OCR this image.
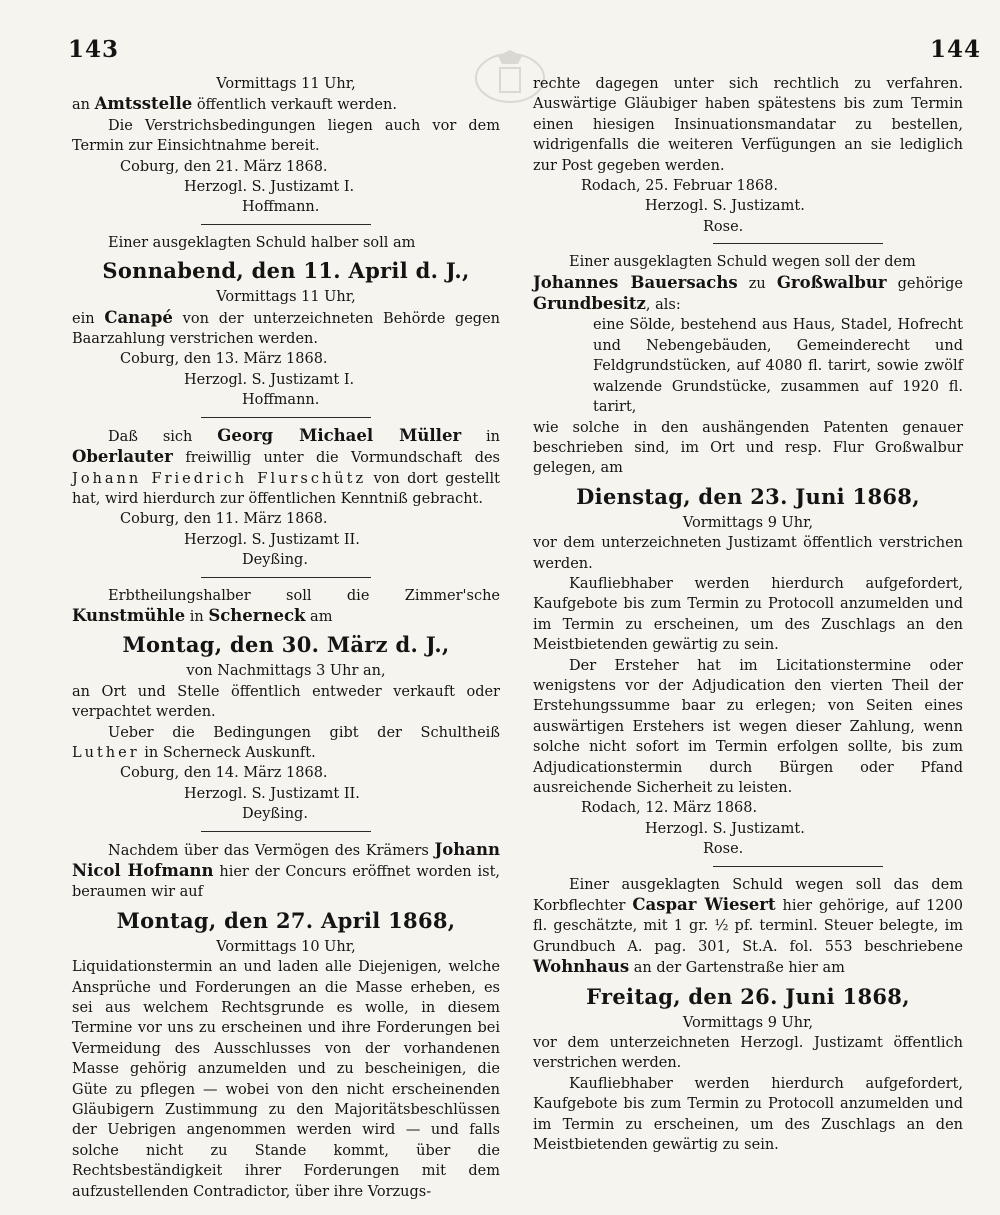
143	144

Vormittags 11 Uhr,

an Amtsstelle öffentlich verkauft werden.

Die Verstrichsbedingungen liegen auch vor dem Termin zur Einsichtnahme bereit.

Coburg, den 21. März 1868.

Herzogl. S. Justizamt I.

Hoffmann.

Einer ausgeklagten Schuld halber soll am

Sonnabend, den 11. April d. J.,

Vormittags 11 Uhr,

ein Canapé von der unterzeichneten Behörde gegen Baarzahlung verstrichen werden.

Coburg, den 13. März 1868.

Herzogl. S. Justizamt I.

Hoffmann.

Daß sich Georg Michael Müller in Oberlauter freiwillig unter die Vormundschaft des Johann Friedrich Flurschütz von dort gestellt hat, wird hierdurch zur öffentlichen Kenntniß gebracht.

Coburg, den 11. März 1868.

Herzogl. S. Justizamt II.

Deyßing.

Erbtheilungshalber soll die Zimmer'sche Kunstmühle in Scherneck am

Montag, den 30. März d. J.,

von Nachmittags 3 Uhr an,

an Ort und Stelle öffentlich entweder verkauft oder verpachtet werden.

Ueber die Bedingungen gibt der Schultheiß Luther in Scherneck Auskunft.

Coburg, den 14. März 1868.

Herzogl. S. Justizamt II.

Deyßing.

Nachdem über das Vermögen des Krämers Johann Nicol Hofmann hier der Concurs eröffnet worden ist, beraumen wir auf

Montag, den 27. April 1868,

Vormittags 10 Uhr,

Liquidationstermin an und laden alle Diejenigen, welche Ansprüche und Forderungen an die Masse erheben, es sei aus welchem Rechtsgrunde es wolle, in diesem Termine vor uns zu erscheinen und ihre Forderungen bei Vermeidung des Ausschlusses von der vorhandenen Masse gehörig anzumelden und zu bescheinigen, die Güte zu pflegen — wobei von den nicht erscheinenden Gläubigern Zustimmung zu den Majoritätsbeschlüssen der Uebrigen angenommen werden wird — und falls solche nicht zu Stande kommt, über die Rechtsbeständigkeit ihrer Forderungen mit dem aufzustellenden Contradictor, über ihre Vorzugs-

rechte dagegen unter sich rechtlich zu verfahren. Auswärtige Gläubiger haben spätestens bis zum Termin einen hiesigen Insinuationsmandatar zu bestellen, widrigenfalls die weiteren Verfügungen an sie lediglich zur Post gegeben werden.

Rodach, 25. Februar 1868.

Herzogl. S. Justizamt.

Rose.

Einer ausgeklagten Schuld wegen soll der dem

Johannes Bauersachs zu Großwalbur gehörige Grundbesitz, als:

eine Sölde, bestehend aus Haus, Stadel, Hofrecht und Nebengebäuden, Gemeinderecht und Feldgrundstücken, auf 4080 fl. tarirt, sowie zwölf walzende Grundstücke, zusammen auf 1920 fl. tarirt,

wie solche in den aushängenden Patenten genauer beschrieben sind, im Ort und resp. Flur Großwalbur gelegen, am

Dienstag, den 23. Juni 1868,

Vormittags 9 Uhr,

vor dem unterzeichneten Justizamt öffentlich verstrichen werden.

Kaufliebhaber werden hierdurch aufgefordert, Kaufgebote bis zum Termin zu Protocoll anzumelden und im Termin zu erscheinen, um des Zuschlags an den Meistbietenden gewärtig zu sein.

Der Ersteher hat im Licitationstermine oder wenigstens vor der Adjudication den vierten Theil der Erstehungssumme baar zu erlegen; von Seiten eines auswärtigen Erstehers ist wegen dieser Zahlung, wenn solche nicht sofort im Termin erfolgen sollte, bis zum Adjudicationstermin durch Bürgen oder Pfand ausreichende Sicherheit zu leisten.

Rodach, 12. März 1868.

Herzogl. S. Justizamt.

Rose.

Einer ausgeklagten Schuld wegen soll das dem Korbflechter Caspar Wiesert hier gehörige, auf 1200 fl. geschätzte, mit 1 gr. ½ pf. terminl. Steuer belegte, im Grundbuch A. pag. 301, St.A. fol. 553 beschriebene Wohnhaus an der Gartenstraße hier am

Freitag, den 26. Juni 1868,

Vormittags 9 Uhr,

vor dem unterzeichneten Herzogl. Justizamt öffentlich verstrichen werden.

Kaufliebhaber werden hierdurch aufgefordert, Kaufgebote bis zum Termin zu Protocoll anzumelden und im Termin zu erscheinen, um des Zuschlags an den Meistbietenden gewärtig zu sein.
